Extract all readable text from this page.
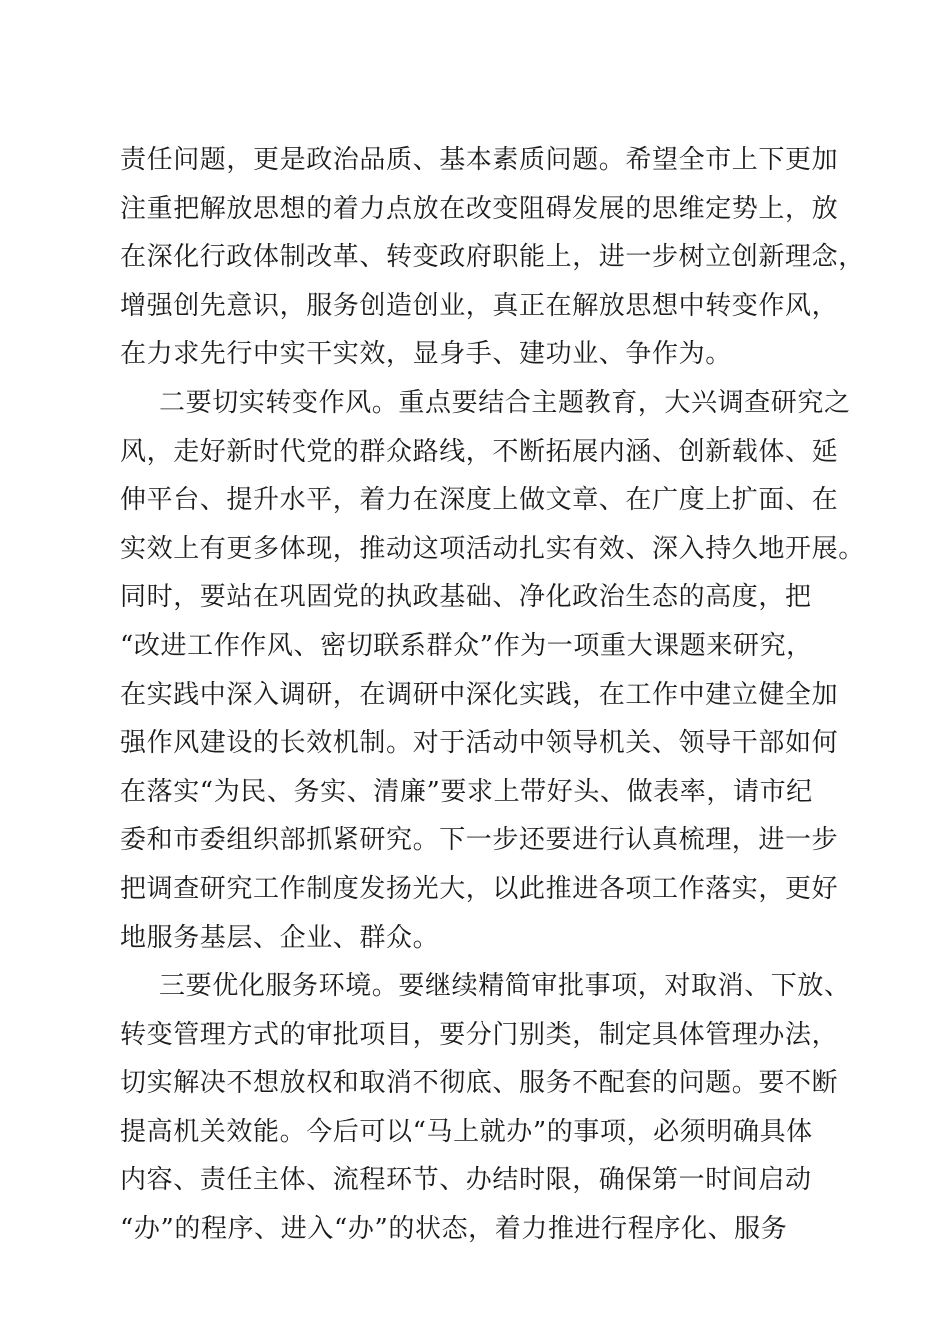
责任问题，更是政治品质、基本素质问题。希望全市上下更加
注重把解放思想的着力点放在改变阻碍发展的思维定势上，放
在深化行政体制改革、转变政府职能上，进一步树立创新理念，
增强创先意识，服务创造创业，真正在解放思想中转变作风，
在力求先行中实干实效，显身手、建功业、争作为。
二要切实转变作风。重点要结合主题教育，大兴调查研究之
风，走好新时代党的群众路线，不断拓展内涵、创新载体、延
伸平台、提升水平，着力在深度上做文章、在广度上扩面、在
实效上有更多体现，推动这项活动扎实有效、深入持久地开展。
同时，要站在巩固党的执政基础、净化政治生态的高度，把
“改进工作作风、密切联系群众”作为一项重大课题来研究，
在实践中深入调研，在调研中深化实践，在工作中建立健全加
强作风建设的长效机制。对于活动中领导机关、领导干部如何
在落实“为民、务实、清廉”要求上带好头、做表率，请市纪
委和市委组织部抓紧研究。下一步还要进行认真梳理，进一步
把调查研究工作制度发扬光大，以此推进各项工作落实，更好
地服务基层、企业、群众。
三要优化服务环境。要继续精简审批事项，对取消、下放、
转变管理方式的审批项目，要分门别类，制定具体管理办法，
切实解决不想放权和取消不彻底、服务不配套的问题。要不断
提高机关效能。今后可以“马上就办”的事项，必须明确具体
内容、责任主体、流程环节、办结时限，确保第一时间启动
“办”的程序、进入“办”的状态，着力推进行程序化、服务
